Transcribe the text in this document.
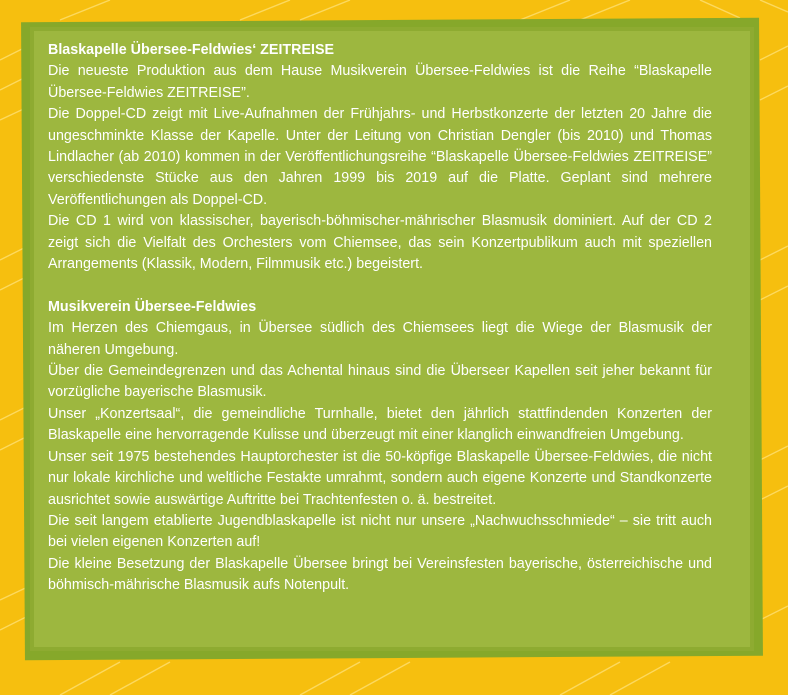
Blaskapelle Übersee-Feldwies‘ ZEITREISE

Die neueste Produktion aus dem Hause Musikverein Übersee-Feldwies ist die Reihe “Blaskapelle Übersee-Feldwies ZEITREISE”.

Die Doppel-CD zeigt mit Live-Aufnahmen der Frühjahrs- und Herbstkonzerte der letzten 20 Jahre die ungeschminkte Klasse der Kapelle. Unter der Leitung von Christian Dengler (bis 2010) und Thomas Lindlacher (ab 2010) kommen in der Veröffentlichungsreihe “Blaskapelle Übersee-Feldwies ZEITREISE” verschiedenste Stücke aus den Jahren 1999 bis 2019 auf die Platte. Geplant sind mehrere Veröffentlichungen als Doppel-CD.

Die CD 1 wird von klassischer, bayerisch-böhmischer-mährischer Blasmusik dominiert. Auf der CD 2 zeigt sich die Vielfalt des Orchesters vom Chiemsee, das sein Konzertpublikum auch mit speziellen Arrangements (Klassik, Modern, Filmmusik etc.) begeistert.

Musikverein Übersee-Feldwies

Im Herzen des Chiemgaus, in Übersee südlich des Chiemsees liegt die Wiege der Blasmusik der näheren Umgebung.

Über die Gemeindegrenzen und das Achental hinaus sind die Überseer Kapellen seit jeher bekannt für vorzügliche bayerische Blasmusik.

Unser „Konzertsaal“, die gemeindliche Turnhalle, bietet den jährlich stattfindenden Konzerten der Blaskapelle eine hervorragende Kulisse und überzeugt mit einer klanglich einwandfreien Umgebung.

Unser seit 1975 bestehendes Hauptorchester ist die 50-köpfige Blaskapelle Übersee-Feldwies, die nicht nur lokale kirchliche und weltliche Festakte umrahmt, sondern auch eigene Konzerte und Standkonzerte ausrichtet sowie auswärtige Auftritte bei Trachtenfesten o. ä. bestreitet.

Die seit langem etablierte Jugendblaskapelle ist nicht nur unsere „Nachwuchsschmiede“ – sie tritt auch bei vielen eigenen Konzerten auf!

Die kleine Besetzung der Blaskapelle Übersee bringt bei Vereinsfesten bayerische, österreichische und böhmisch-mährische Blasmusik aufs Notenpult.
